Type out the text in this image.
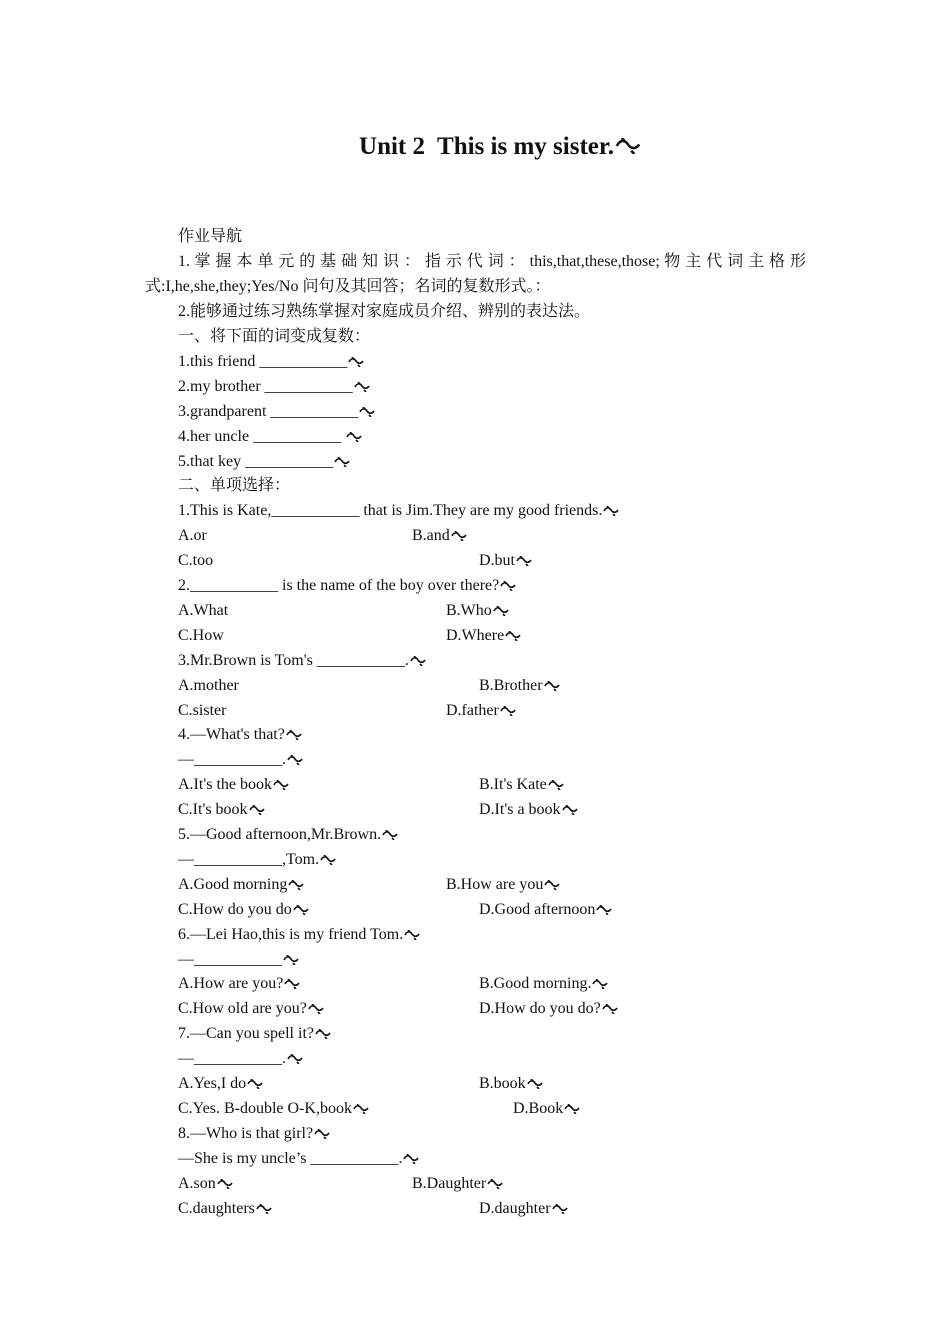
Unit 2  This is my sister.
作业导航
1. 掌 握 本 单 元 的 基 础 知 识 ： 指 示 代 词 ： this,that,these,those; 物 主 代 词 主 格 形
式:I,he,she,they;Yes/No 问句及其回答；名词的复数形式。：
2.能够通过练习熟练掌握对家庭成员介绍、辨别的表达法。
一、将下面的词变成复数：
1.this friend ___________
2.my brother ___________
3.grandparent ___________
4.her uncle ___________
5.that key ___________
二、单项选择：
1.This is Kate,___________ that is Jim.They are my good friends.
A.or	B.and
C.too	D.but
2.___________ is the name of the boy over there?
A.What	B.Who
C.How	D.Where
3.Mr.Brown is Tom's ___________.
A.mother	B.Brother
C.sister	D.father
4.—What's that?
—___________.
A.It's the book	B.It's Kate
C.It's book	D.It's a book
5.—Good afternoon,Mr.Brown.
—___________,Tom.
A.Good morning	B.How are you
C.How do you do	D.Good afternoon
6.—Lei Hao,this is my friend Tom.
—___________
A.How are you?	B.Good morning.
C.How old are you?	D.How do you do?
7.—Can you spell it?
—___________.
A.Yes,I do	B.book
C.Yes. B-double O-K,book	D.Book
8.—Who is that girl?
—She is my uncle’s ___________.
A.son	B.Daughter
C.daughters	D.daughter
